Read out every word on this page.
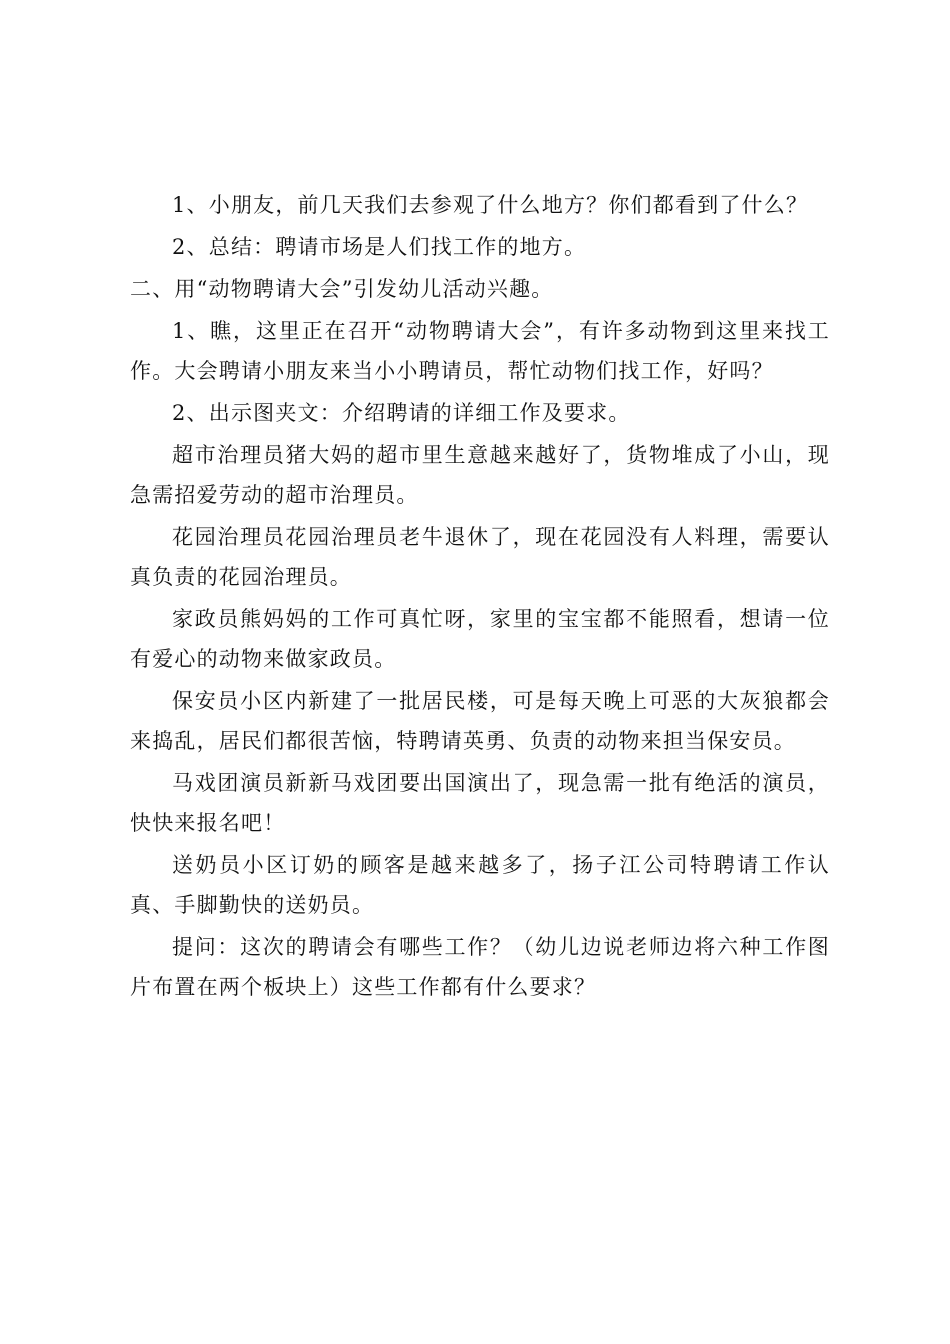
1、小朋友，前几天我们去参观了什么地方？你们都看到了什么？

2、总结：聘请市场是人们找工作的地方。

二、用“动物聘请大会”引发幼儿活动兴趣。

1、瞧，这里正在召开“动物聘请大会”，有许多动物到这里来找工作。大会聘请小朋友来当小小聘请员，帮忙动物们找工作，好吗？

2、出示图夹文：介绍聘请的详细工作及要求。

超市治理员猪大妈的超市里生意越来越好了，货物堆成了小山，现急需招爱劳动的超市治理员。

花园治理员花园治理员老牛退休了，现在花园没有人料理，需要认真负责的花园治理员。

家政员熊妈妈的工作可真忙呀，家里的宝宝都不能照看，想请一位有爱心的动物来做家政员。

保安员小区内新建了一批居民楼，可是每天晚上可恶的大灰狼都会来捣乱，居民们都很苦恼，特聘请英勇、负责的动物来担当保安员。

马戏团演员新新马戏团要出国演出了，现急需一批有绝活的演员，快快来报名吧！

送奶员小区订奶的顾客是越来越多了，扬子江公司特聘请工作认真、手脚勤快的送奶员。

提问：这次的聘请会有哪些工作？（幼儿边说老师边将六种工作图片布置在两个板块上）这些工作都有什么要求？
